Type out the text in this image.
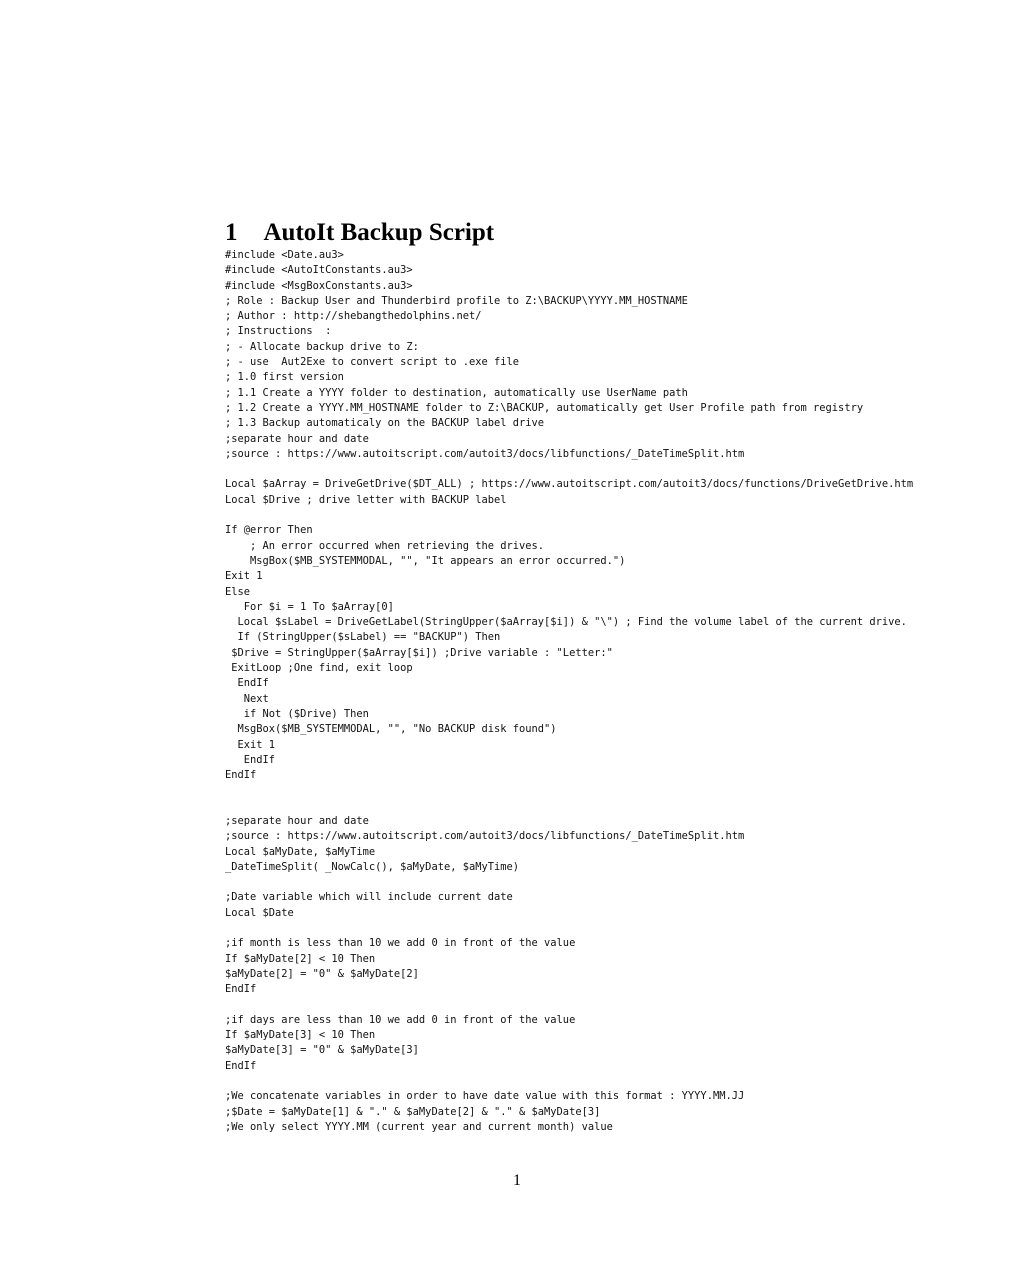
1 AutoIt Backup Script
#include <Date.au3>
#include <AutoItConstants.au3>
#include <MsgBoxConstants.au3>
; Role : Backup User and Thunderbird profile to Z:\BACKUP\YYYY.MM_HOSTNAME
; Author : http://shebangthedolphins.net/
; Instructions  :
; - Allocate backup drive to Z:
; - use  Aut2Exe to convert script to .exe file
; 1.0 first version
; 1.1 Create a YYYY folder to destination, automatically use UserName path
; 1.2 Create a YYYY.MM_HOSTNAME folder to Z:\BACKUP, automatically get User Profile path from registry
; 1.3 Backup automaticaly on the BACKUP label drive
;separate hour and date
;source : https://www.autoitscript.com/autoit3/docs/libfunctions/_DateTimeSplit.htm
Local $aArray = DriveGetDrive($DT_ALL) ; https://www.autoitscript.com/autoit3/docs/functions/DriveGetDrive.htm
Local $Drive ; drive letter with BACKUP label
If @error Then
; An error occurred when retrieving the drives.
MsgBox($MB_SYSTEMMODAL, "", "It appears an error occurred.")
Exit 1
Else
For $i = 1 To $aArray[0]
Local $sLabel = DriveGetLabel(StringUpper($aArray[$i]) & "\") ; Find the volume label of the current drive.
If (StringUpper($sLabel) == "BACKUP") Then
$Drive = StringUpper($aArray[$i]) ;Drive variable : "Letter:"
ExitLoop ;One find, exit loop
EndIf
Next
if Not ($Drive) Then
MsgBox($MB_SYSTEMMODAL, "", "No BACKUP disk found")
Exit 1
EndIf
EndIf
;separate hour and date
;source : https://www.autoitscript.com/autoit3/docs/libfunctions/_DateTimeSplit.htm
Local $aMyDate, $aMyTime
_DateTimeSplit( _NowCalc(), $aMyDate, $aMyTime)
;Date variable which will include current date
Local $Date
;if month is less than 10 we add 0 in front of the value
If $aMyDate[2] < 10 Then
$aMyDate[2] = "0" & $aMyDate[2]
EndIf
;if days are less than 10 we add 0 in front of the value
If $aMyDate[3] < 10 Then
$aMyDate[3] = "0" & $aMyDate[3]
EndIf
;We concatenate variables in order to have date value with this format : YYYY.MM.JJ
;$Date = $aMyDate[1] & "." & $aMyDate[2] & "." & $aMyDate[3]
;We only select YYYY.MM (current year and current month) value
1
